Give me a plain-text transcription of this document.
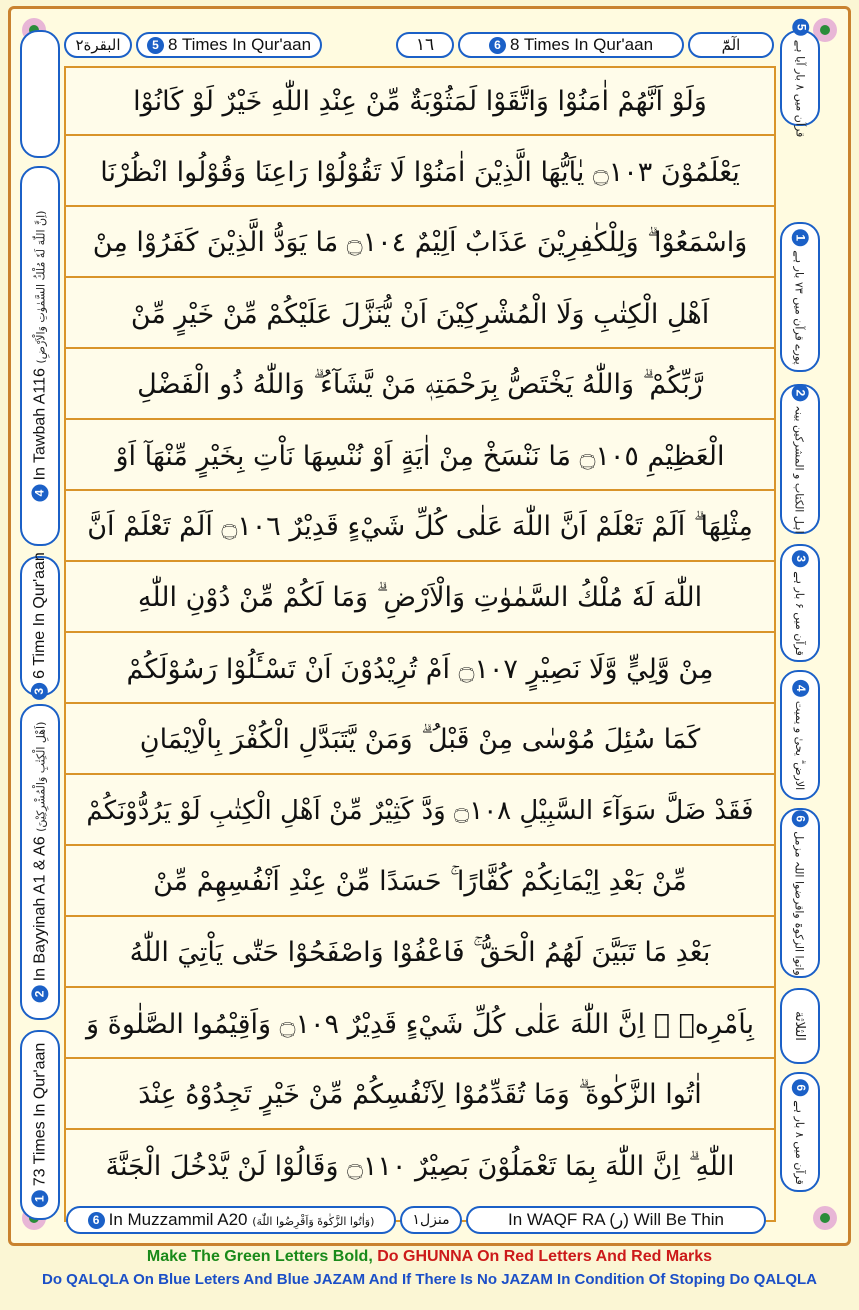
البقرة٢	5 8 Times In Qur'aan	١٦	6 8 Times In Qur'aan	الٓمّٓ
وَلَوْ اَنَّهُمْ اٰمَنُوْا وَاتَّقَوْا لَمَثُوْبَةٌ مِّنْ عِنْدِ اللّٰهِ خَيْرٌ لَوْ كَانُوْا
يَعْلَمُوْنَ ۝١٠٣ يٰاَيُّهَا الَّذِيْنَ اٰمَنُوْا لَا تَقُوْلُوْا رَاعِنَا وَقُوْلُوا انْظُرْنَا
وَاسْمَعُوْا ۗ وَلِلْكٰفِرِيْنَ عَذَابٌ اَلِيْمٌ ۝١٠٤ مَا يَوَدُّ الَّذِيْنَ كَفَرُوْا مِنْ
اَهْلِ الْكِتٰبِ وَلَا الْمُشْرِكِيْنَ اَنْ يُّنَزَّلَ عَلَيْكُمْ مِّنْ خَيْرٍ مِّنْ
رَّبِّكُمْ ۗ وَاللّٰهُ يَخْتَصُّ بِرَحْمَتِهٖ مَنْ يَّشَآءُ ۗ وَاللّٰهُ ذُو الْفَضْلِ
الْعَظِيْمِ ۝١٠٥ مَا نَنْسَخْ مِنْ اٰيَةٍ اَوْ نُنْسِهَا نَاْتِ بِخَيْرٍ مِّنْهَآ اَوْ
مِثْلِهَا ۗ اَلَمْ تَعْلَمْ اَنَّ اللّٰهَ عَلٰى كُلِّ شَيْءٍ قَدِيْرٌ ۝١٠٦ اَلَمْ تَعْلَمْ اَنَّ
اللّٰهَ لَهٗ مُلْكُ السَّمٰوٰتِ وَالْاَرْضِ ۗ وَمَا لَكُمْ مِّنْ دُوْنِ اللّٰهِ
مِنْ وَّلِيٍّ وَّلَا نَصِيْرٍ ۝١٠٧ اَمْ تُرِيْدُوْنَ اَنْ تَسْـَٔلُوْا رَسُوْلَكُمْ
كَمَا سُئِلَ مُوْسٰى مِنْ قَبْلُ ۗ وَمَنْ يَّتَبَدَّلِ الْكُفْرَ بِالْاِيْمَانِ
فَقَدْ ضَلَّ سَوَآءَ السَّبِيْلِ ۝١٠٨ وَدَّ كَثِيْرٌ مِّنْ اَهْلِ الْكِتٰبِ لَوْ يَرُدُّوْنَكُمْ
مِّنْ بَعْدِ اِيْمَانِكُمْ كُفَّارًا ۚ حَسَدًا مِّنْ عِنْدِ اَنْفُسِهِمْ مِّنْ
بَعْدِ مَا تَبَيَّنَ لَهُمُ الْحَقُّ ۚ فَاعْفُوْا وَاصْفَحُوْا حَتّٰى يَاْتِيَ اللّٰهُ
بِاَمْرِهٖ ۗ اِنَّ اللّٰهَ عَلٰى كُلِّ شَيْءٍ قَدِيْرٌ ۝١٠٩ وَاَقِيْمُوا الصَّلٰوةَ وَ
اٰتُوا الزَّكٰوةَ ۗ وَمَا تُقَدِّمُوْا لِاَنْفُسِكُمْ مِّنْ خَيْرٍ تَجِدُوْهُ عِنْدَ
اللّٰهِ ۗ اِنَّ اللّٰهَ بِمَا تَعْمَلُوْنَ بَصِيْرٌ ۝١١٠ وَقَالُوْا لَنْ يَّدْخُلَ الْجَنَّةَ
4In Tawbah A116 (اِنَّ اللّٰهَ لَهٗ مُلْكُ السَّمٰوٰتِ وَالْاَرْضِ)
36 Time In Qur'aan
2In Bayyinah A1 & A6 (اَهْلِ الْكِتٰبِ وَالْمُشْرِكِيْنَ)
173 Times In Qur'aan
5قرآن میں ۸ بار آیا ہے
1پورے قرآن میں ۷۳ بار ہے
2اہل الکتاب و المشرکین بینہ
3قرآن میں ۶ بار ہے
4الارض ۗ یحیٰ و یمیت
6واتوا الزکوۃ واقرضوا اللہ مزمل
الثلاثة
6قرآن میں ۸ بار ہے
6 In Muzzammil A20 (وَاٰتُوا الزَّكٰوةَ وَاَقْرِضُوا اللّٰهَ)	منزل١	In WAQF RA (ر) Will Be Thin
Make The Green Letters Bold, Do GHUNNA On Red Letters And Red Marks
Do QALQLA On Blue Leters And Blue JAZAM And If There Is No JAZAM In Condition Of Stoping Do QALQLA
